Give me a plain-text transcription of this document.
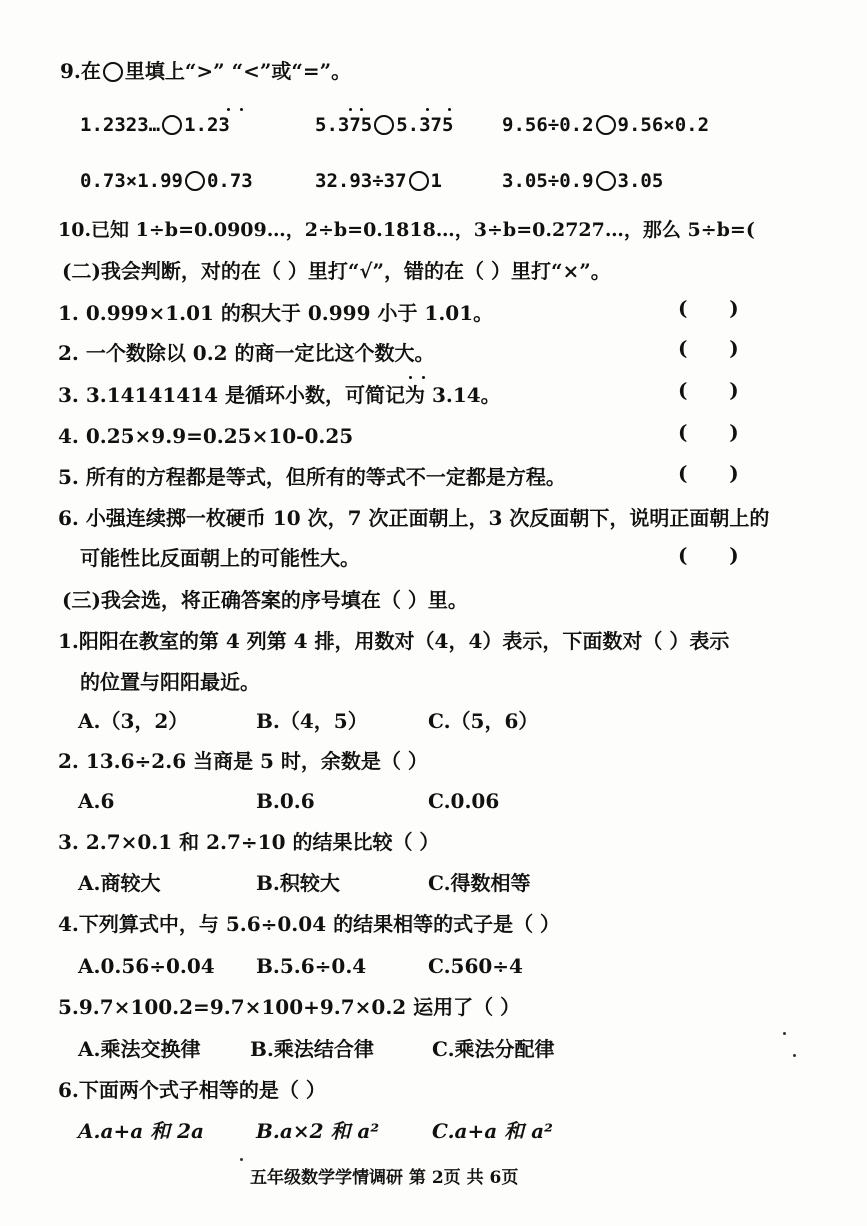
9.在 里填上“>” “<”或“=”。
1.2323… 1.23	5.375 5.375	9.56÷0.2 9.56×0.2
0.73×1.99 0.73	32.93÷37 1	3.05÷0.9 3.05
10.已知 1÷b=0.0909…，2÷b=0.1818…，3÷b=0.2727…，那么 5÷b=(
(二)我会判断，对的在（ ）里打“√”，错的在（ ）里打“×”。
1. 0.999×1.01 的积大于 0.999 小于 1.01。	(      )
2. 一个数除以 0.2 的商一定比这个数大。	(      )
3. 3.14141414 是循环小数，可简记为 3.14。	(      )
4. 0.25×9.9=0.25×10-0.25	(      )
5. 所有的方程都是等式，但所有的等式不一定都是方程。	(      )
6. 小强连续掷一枚硬币 10 次，7 次正面朝上，3 次反面朝下，说明正面朝上的
可能性比反面朝上的可能性大。	(      )
(三)我会选，将正确答案的序号填在（ ）里。
1.阳阳在教室的第 4 列第 4 排，用数对（4，4）表示，下面数对（ ）表示
的位置与阳阳最近。
A.（3，2）	B.（4，5）	C.（5，6）
2. 13.6÷2.6 当商是 5 时，余数是（ ）
A.6	B.0.6	C.0.06
3. 2.7×0.1 和 2.7÷10 的结果比较（ ）
A.商较大	B.积较大	C.得数相等
4.下列算式中，与 5.6÷0.04 的结果相等的式子是（ ）
A.0.56÷0.04 B.5.6÷0.4	C.560÷4
5.9.7×100.2=9.7×100+9.7×0.2 运用了（ ）
A.乘法交换律 B.乘法结合律	C.乘法分配律
6.下面两个式子相等的是（ ）
A.a+a 和 2a	B.a×2 和 a²	C.a+a 和 a²
五年级数学学情调研 第 2页 共 6页
